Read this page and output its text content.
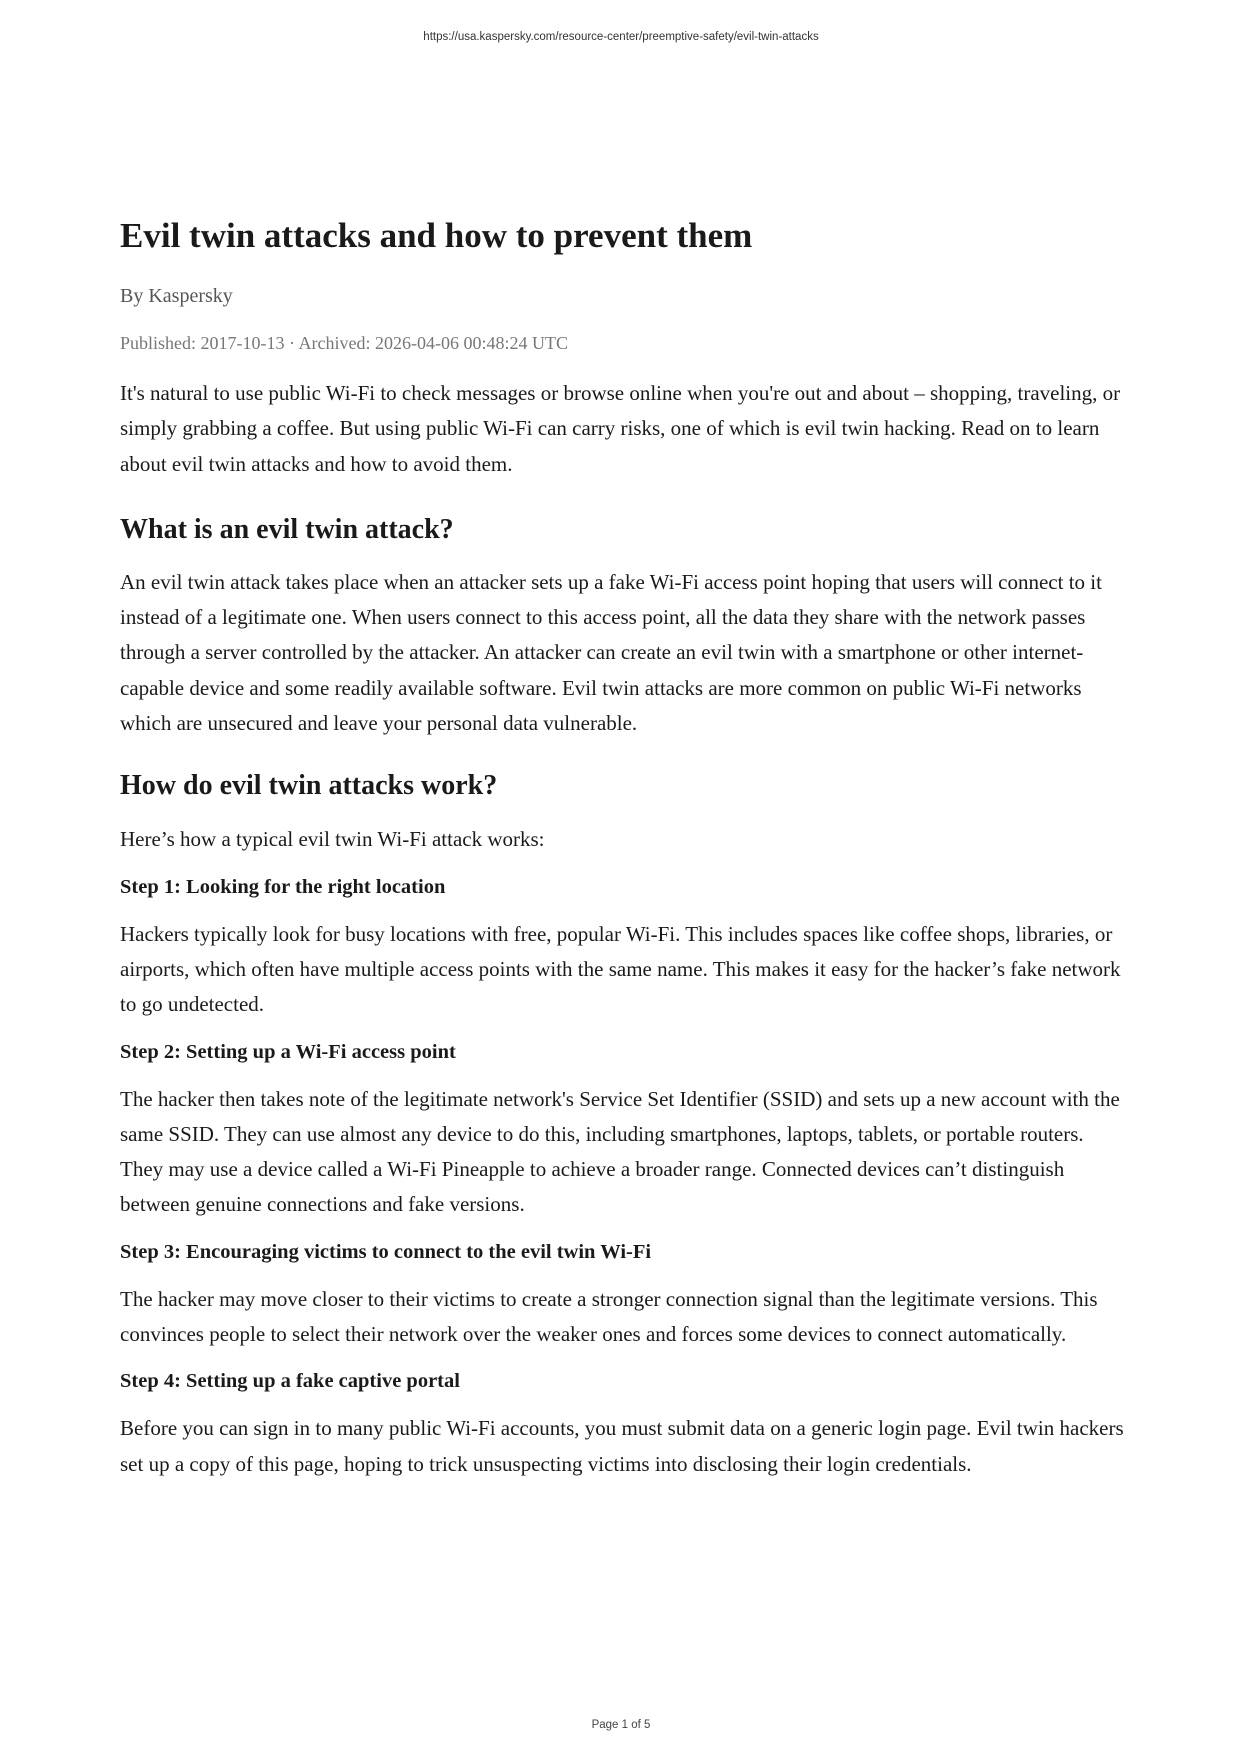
https://usa.kaspersky.com/resource-center/preemptive-safety/evil-twin-attacks
Evil twin attacks and how to prevent them
By Kaspersky
Published: 2017-10-13 · Archived: 2026-04-06 00:48:24 UTC

It's natural to use public Wi-Fi to check messages or browse online when you're out and about – shopping, traveling, or simply grabbing a coffee. But using public Wi-Fi can carry risks, one of which is evil twin hacking. Read on to learn about evil twin attacks and how to avoid them.

What is an evil twin attack?

An evil twin attack takes place when an attacker sets up a fake Wi-Fi access point hoping that users will connect to it instead of a legitimate one. When users connect to this access point, all the data they share with the network passes through a server controlled by the attacker. An attacker can create an evil twin with a smartphone or other internet-capable device and some readily available software. Evil twin attacks are more common on public Wi-Fi networks which are unsecured and leave your personal data vulnerable.

How do evil twin attacks work?

Here’s how a typical evil twin Wi-Fi attack works:

Step 1: Looking for the right location

Hackers typically look for busy locations with free, popular Wi-Fi. This includes spaces like coffee shops, libraries, or airports, which often have multiple access points with the same name. This makes it easy for the hacker’s fake network to go undetected.

Step 2: Setting up a Wi-Fi access point

The hacker then takes note of the legitimate network's Service Set Identifier (SSID) and sets up a new account with the same SSID. They can use almost any device to do this, including smartphones, laptops, tablets, or portable routers. They may use a device called a Wi-Fi Pineapple to achieve a broader range. Connected devices can’t distinguish between genuine connections and fake versions.

Step 3: Encouraging victims to connect to the evil twin Wi-Fi

The hacker may move closer to their victims to create a stronger connection signal than the legitimate versions. This convinces people to select their network over the weaker ones and forces some devices to connect automatically.

Step 4: Setting up a fake captive portal

Before you can sign in to many public Wi-Fi accounts, you must submit data on a generic login page. Evil twin hackers set up a copy of this page, hoping to trick unsuspecting victims into disclosing their login credentials.

Page 1 of 5
